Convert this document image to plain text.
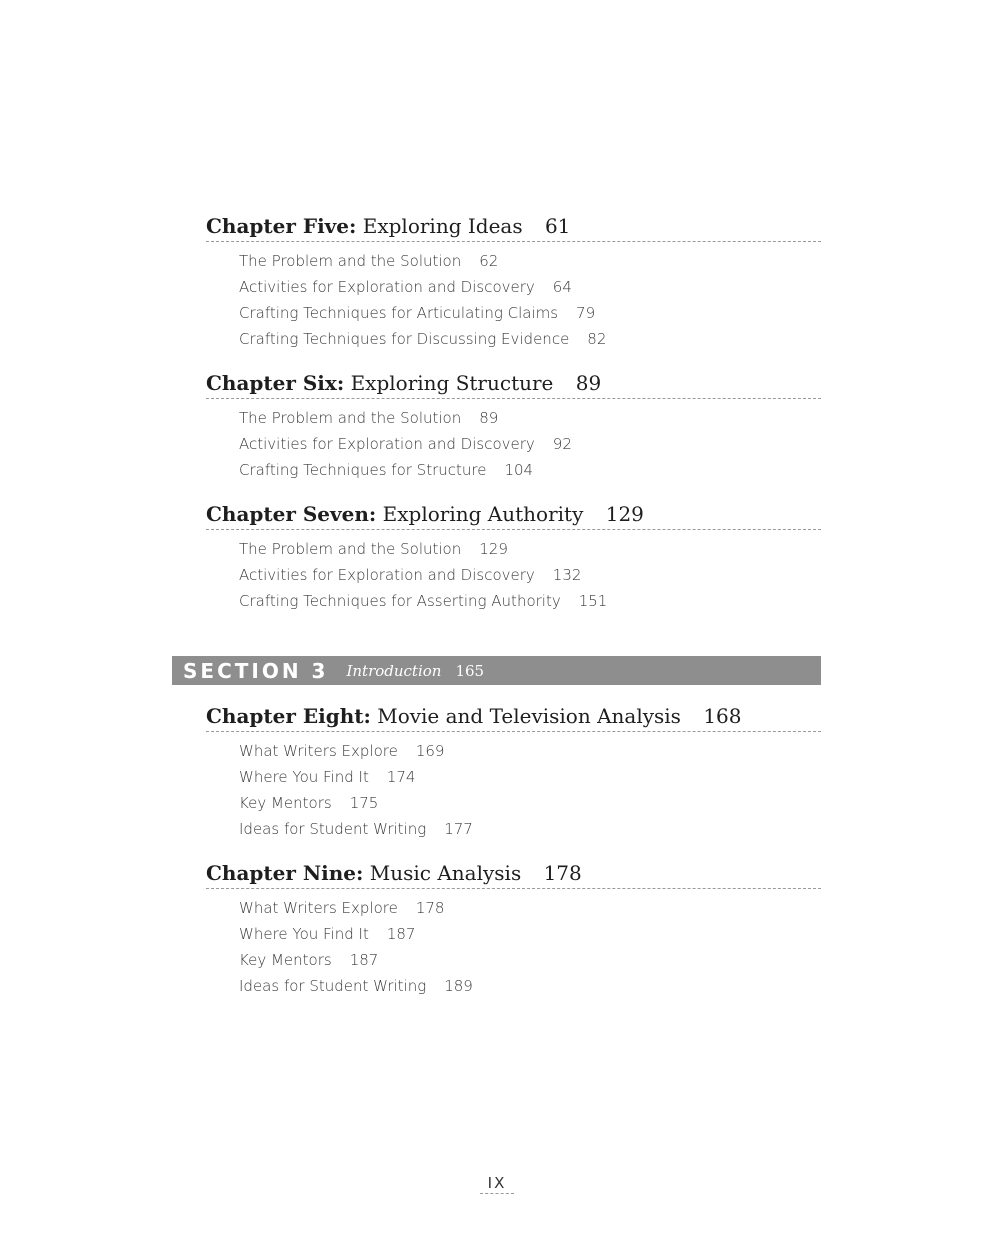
Chapter Five: Exploring Ideas 61
The Problem and the Solution 62
Activities for Exploration and Discovery 64
Crafting Techniques for Articulating Claims 79
Crafting Techniques for Discussing Evidence 82
Chapter Six: Exploring Structure 89
The Problem and the Solution 89
Activities for Exploration and Discovery 92
Crafting Techniques for Structure 104
Chapter Seven: Exploring Authority 129
The Problem and the Solution 129
Activities for Exploration and Discovery 132
Crafting Techniques for Asserting Authority 151
SECTION 3 Introduction 165
Chapter Eight: Movie and Television Analysis 168
What Writers Explore 169
Where You Find It 174
Key Mentors 175
Ideas for Student Writing 177
Chapter Nine: Music Analysis 178
What Writers Explore 178
Where You Find It 187
Key Mentors 187
Ideas for Student Writing 189
IX
